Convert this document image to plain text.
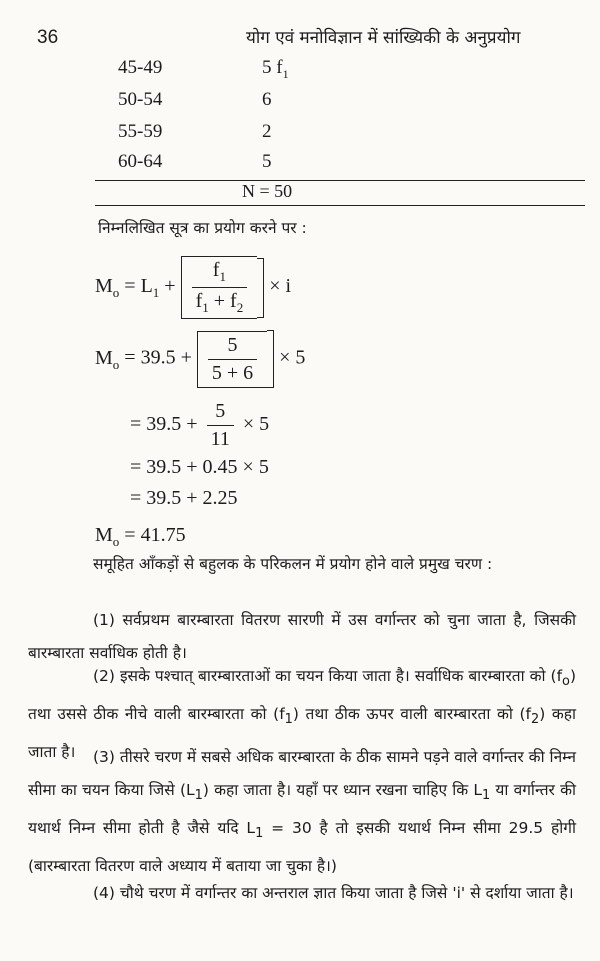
36	योग एवं मनोविज्ञान में सांख्यिकी के अनुप्रयोग
45-49	5 $f_1$
50-54	6
55-59	2
60-64	5
N = 50
निम्नलिखित सूत्र का प्रयोग करने पर :
$M_o = L_1 + \frac{f_1}{f_1 + f_2} \times i$
$M_o = 39.5 + \frac{5}{5 + 6} \times 5$
= $39.5 + \frac{5}{11} \times 5$
= 39.5 + 0.45 × 5
= 39.5 + 2.25
$M_o = 41.75$
समूहित आँकड़ों से बहुलक के परिकलन में प्रयोग होने वाले प्रमुख चरण :
(1) सर्वप्रथम बारम्बारता वितरण सारणी में उस वर्गान्तर को चुना जाता है, जिसकी बारम्बारता सर्वाधिक होती है।
(2) इसके पश्चात् बारम्बारताओं का चयन किया जाता है। सर्वाधिक बारम्बारता को $(f_o)$ तथा उससे ठीक नीचे वाली बारम्बारता को $(f_1)$ तथा ठीक ऊपर वाली बारम्बारता को $(f_2)$ कहा जाता है।	(3) तीसरे चरण में सबसे अधिक बारम्बारता के ठीक सामने पड़ने वाले वर्गान्तर की निम्न सीमा का चयन किया जिसे $(L_1)$ कहा जाता है। यहाँ पर ध्यान रखना चाहिए कि $L_1$ या वर्गान्तर की यथार्थ निम्न सीमा होती है जैसे यदि $L_1 = 30$ है तो इसकी यथार्थ निम्न सीमा 29.5 होगी (बारम्बारता वितरण वाले अध्याय में बताया जा चुका है।)
(4) चौथे चरण में वर्गान्तर का अन्तराल ज्ञात किया जाता है जिसे 'i' से दर्शाया जाता है।
